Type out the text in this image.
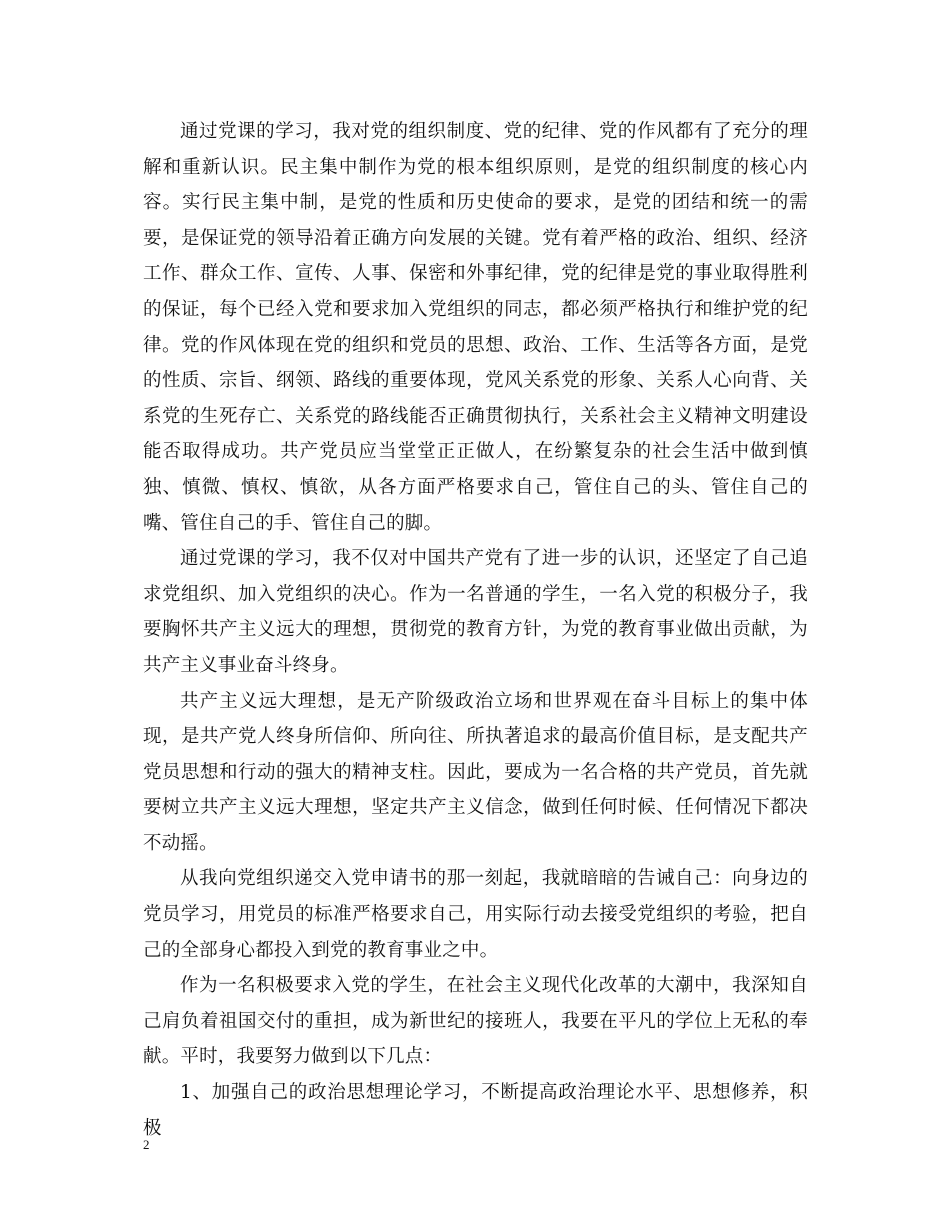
通过党课的学习，我对党的组织制度、党的纪律、党的作风都有了充分的理解和重新认识。民主集中制作为党的根本组织原则，是党的组织制度的核心内容。实行民主集中制，是党的性质和历史使命的要求，是党的团结和统一的需要，是保证党的领导沿着正确方向发展的关键。党有着严格的政治、组织、经济工作、群众工作、宣传、人事、保密和外事纪律，党的纪律是党的事业取得胜利的保证，每个已经入党和要求加入党组织的同志，都必须严格执行和维护党的纪律。党的作风体现在党的组织和党员的思想、政治、工作、生活等各方面，是党的性质、宗旨、纲领、路线的重要体现，党风关系党的形象、关系人心向背、关系党的生死存亡、关系党的路线能否正确贯彻执行，关系社会主义精神文明建设能否取得成功。共产党员应当堂堂正正做人，在纷繁复杂的社会生活中做到慎独、慎微、慎权、慎欲，从各方面严格要求自己，管住自己的头、管住自己的嘴、管住自己的手、管住自己的脚。

通过党课的学习，我不仅对中国共产党有了进一步的认识，还坚定了自己追求党组织、加入党组织的决心。作为一名普通的学生，一名入党的积极分子，我要胸怀共产主义远大的理想，贯彻党的教育方针，为党的教育事业做出贡献，为共产主义事业奋斗终身。

共产主义远大理想，是无产阶级政治立场和世界观在奋斗目标上的集中体现，是共产党人终身所信仰、所向往、所执著追求的最高价值目标，是支配共产党员思想和行动的强大的精神支柱。因此，要成为一名合格的共产党员，首先就要树立共产主义远大理想，坚定共产主义信念，做到任何时候、任何情况下都决不动摇。

从我向党组织递交入党申请书的那一刻起，我就暗暗的告诫自己：向身边的党员学习，用党员的标准严格要求自己，用实际行动去接受党组织的考验，把自己的全部身心都投入到党的教育事业之中。

作为一名积极要求入党的学生，在社会主义现代化改革的大潮中，我深知自己肩负着祖国交付的重担，成为新世纪的接班人，我要在平凡的学位上无私的奉献。平时，我要努力做到以下几点：

1、加强自己的政治思想理论学习，不断提高政治理论水平、思想修养，积极

2
